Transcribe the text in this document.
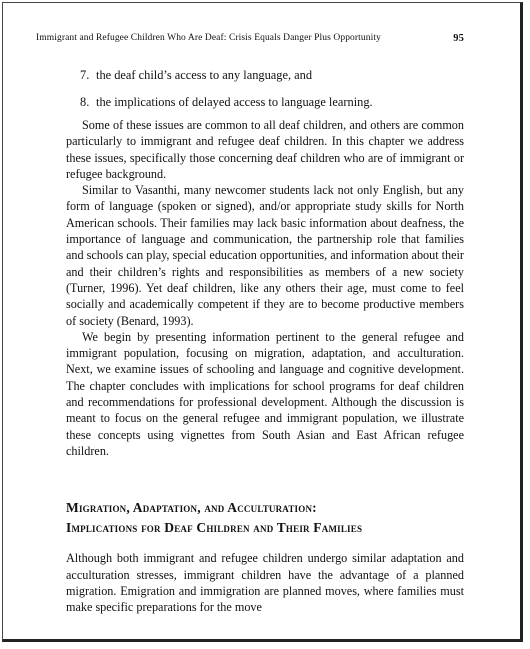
Immigrant and Refugee Children Who Are Deaf: Crisis Equals Danger Plus Opportunity	95
7. the deaf child’s access to any language, and
8. the implications of delayed access to language learning.

Some of these issues are common to all deaf children, and others are common particularly to immigrant and refugee deaf children. In this chapter we address these issues, specifically those concerning deaf children who are of immigrant or refugee background.

Similar to Vasanthi, many newcomer students lack not only English, but any form of language (spoken or signed), and/or appropriate study skills for North American schools. Their families may lack basic information about deafness, the importance of language and communication, the partnership role that families and schools can play, special education opportunities, and information about their and their children’s rights and responsibilities as members of a new society (Turner, 1996). Yet deaf children, like any others their age, must come to feel socially and academically competent if they are to become productive members of society (Benard, 1993).

We begin by presenting information pertinent to the general refugee and immigrant population, focusing on migration, adaptation, and acculturation. Next, we examine issues of schooling and language and cognitive development. The chapter concludes with implications for school programs for deaf children and recommendations for professional development. Although the discussion is meant to focus on the general refugee and immigrant population, we illustrate these concepts using vignettes from South Asian and East African refugee children.

Migration, Adaptation, and Acculturation:
Implications for Deaf Children and Their Families

Although both immigrant and refugee children undergo similar adaptation and acculturation stresses, immigrant children have the advantage of a planned migration. Emigration and immigration are planned moves, where families must make specific preparations for the move
